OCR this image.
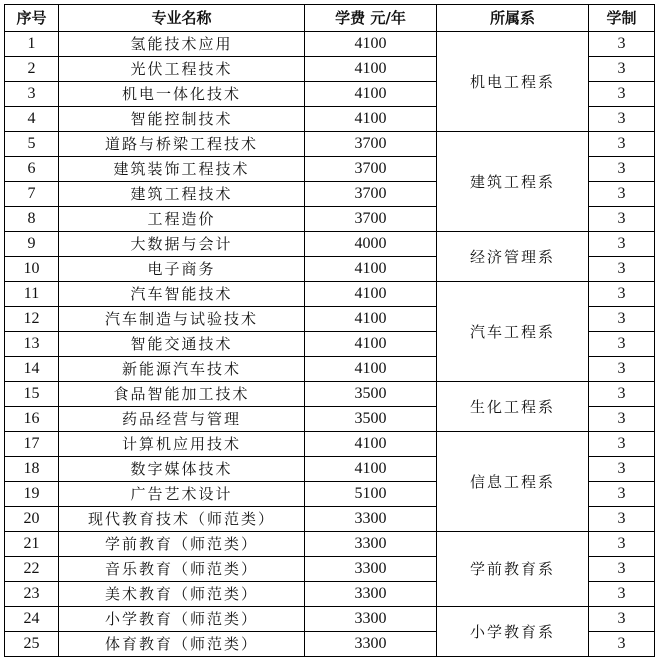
序号	专业名称	学费 元/年	所属系	学制
1	氢能技术应用	4100	机电工程系	3
2	光伏工程技术	4100		3
3	机电一体化技术	4100		3
4	智能控制技术	4100		3
5	道路与桥梁工程技术	3700	建筑工程系	3
6	建筑装饰工程技术	3700		3
7	建筑工程技术	3700		3
8	工程造价	3700		3
9	大数据与会计	4000	经济管理系	3
10	电子商务	4100		3
11	汽车智能技术	4100	汽车工程系	3
12	汽车制造与试验技术	4100		3
13	智能交通技术	4100		3
14	新能源汽车技术	4100		3
15	食品智能加工技术	3500	生化工程系	3
16	药品经营与管理	3500		3
17	计算机应用技术	4100	信息工程系	3
18	数字媒体技术	4100		3
19	广告艺术设计	5100		3
20	现代教育技术（师范类）	3300		3
21	学前教育（师范类）	3300	学前教育系	3
22	音乐教育（师范类）	3300		3
23	美术教育（师范类）	3300		3
24	小学教育（师范类）	3300	小学教育系	3
25	体育教育（师范类）	3300		3
